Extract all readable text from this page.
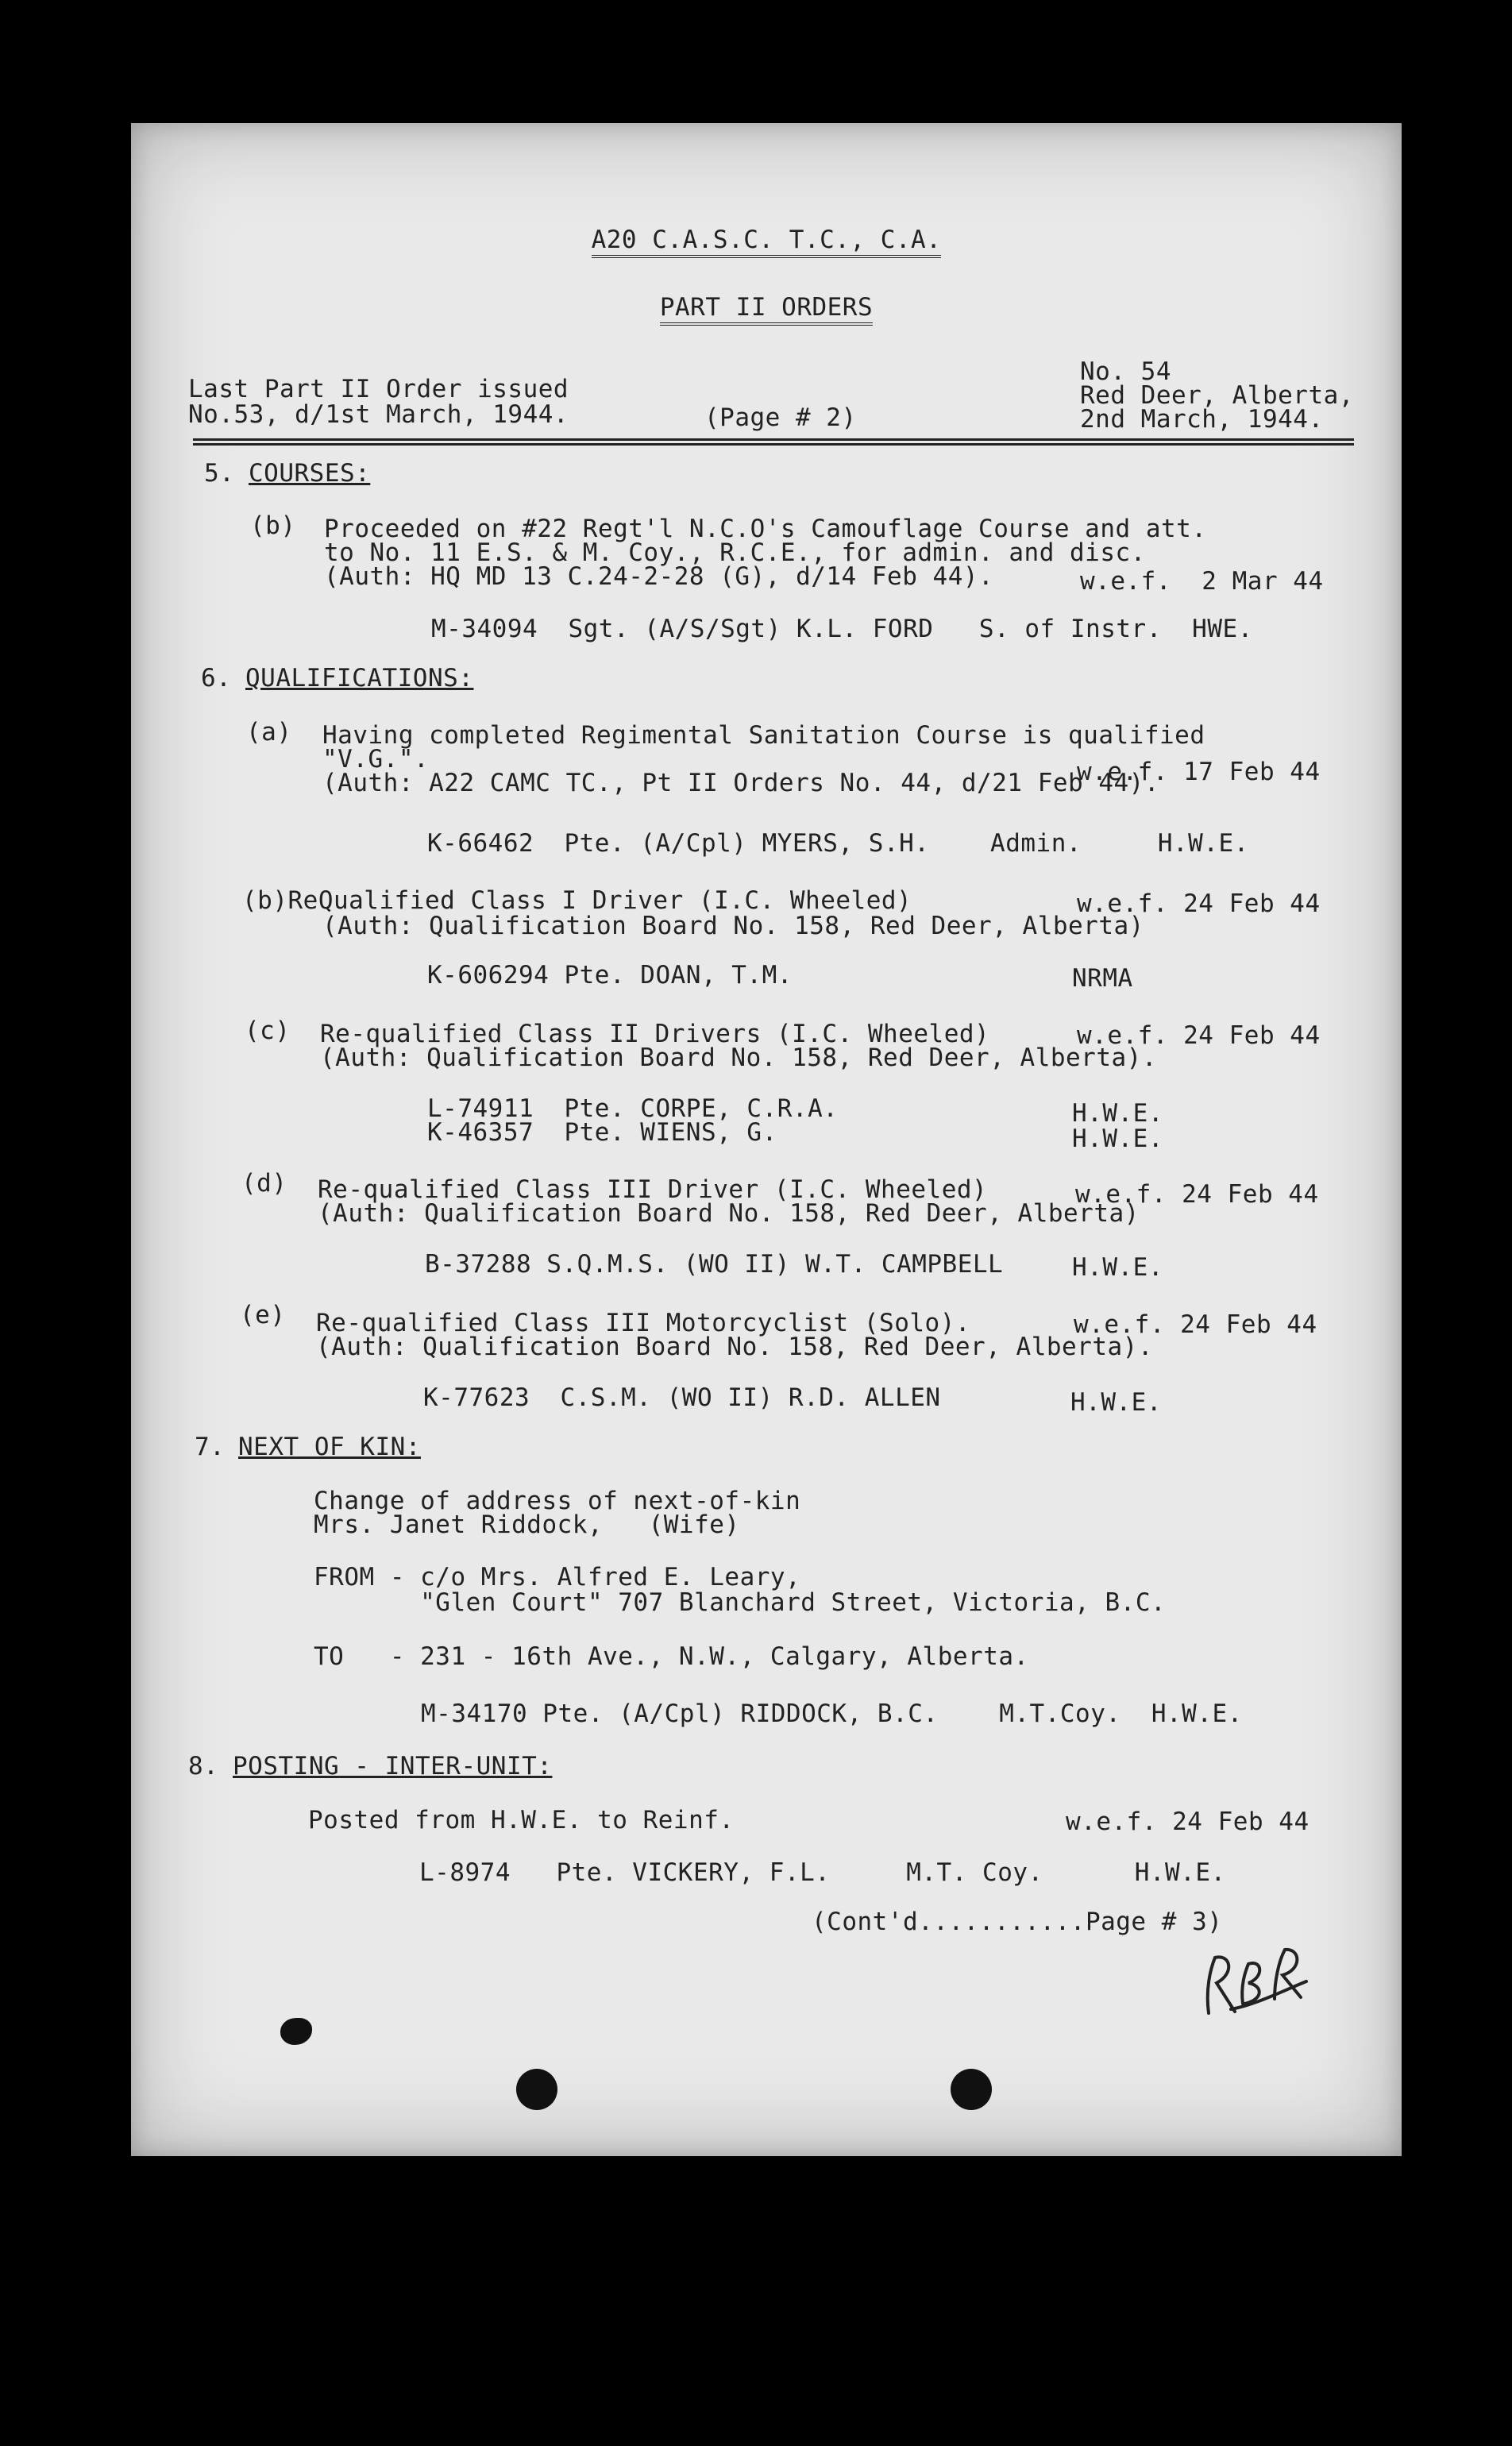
A20 C.A.S.C. T.C., C.A.
PART II ORDERS
Last Part II Order issued
No.53, d/1st March, 1944.	(Page # 2)
No. 54
Red Deer, Alberta,
2nd March, 1944.
5. COURSES:
(b) Proceeded on #22 Regt'l N.C.O's Camouflage Course and att.
to No. 11 E.S. & M. Coy., R.C.E., for admin. and disc.
(Auth: HQ MD 13 C.24-2-28 (G), d/14 Feb 44).	w.e.f.  2 Mar 44
M-34094  Sgt. (A/S/Sgt) K.L. FORD   S. of Instr.  HWE.
6. QUALIFICATIONS:
(a) Having completed Regimental Sanitation Course is qualified
"V.G.".	w.e.f. 17 Feb 44
(Auth: A22 CAMC TC., Pt II Orders No. 44, d/21 Feb 44).
K-66462  Pte. (A/Cpl) MYERS, S.H.    Admin.     H.W.E.
(b)ReQualified Class I Driver (I.C. Wheeled)	w.e.f. 24 Feb 44
(Auth: Qualification Board No. 158, Red Deer, Alberta)
K-606294 Pte. DOAN, T.M.	NRMA
(c) Re-qualified Class II Drivers (I.C. Wheeled)	w.e.f. 24 Feb 44
(Auth: Qualification Board No. 158, Red Deer, Alberta).
L-74911  Pte. CORPE, C.R.A.	H.W.E.
K-46357  Pte. WIENS, G.	H.W.E.
(d) Re-qualified Class III Driver (I.C. Wheeled)	w.e.f. 24 Feb 44
(Auth: Qualification Board No. 158, Red Deer, Alberta)
B-37288 S.Q.M.S. (WO II) W.T. CAMPBELL	H.W.E.
(e) Re-qualified Class III Motorcyclist (Solo).	w.e.f. 24 Feb 44
(Auth: Qualification Board No. 158, Red Deer, Alberta).
K-77623  C.S.M. (WO II) R.D. ALLEN	H.W.E.
7. NEXT OF KIN:
Change of address of next-of-kin
Mrs. Janet Riddock,   (Wife)
FROM - c/o Mrs. Alfred E. Leary,
"Glen Court" 707 Blanchard Street, Victoria, B.C.
TO   - 231 - 16th Ave., N.W., Calgary, Alberta.
M-34170 Pte. (A/Cpl) RIDDOCK, B.C.    M.T.Coy.  H.W.E.
8. POSTING - INTER-UNIT:
Posted from H.W.E. to Reinf.	w.e.f. 24 Feb 44
L-8974   Pte. VICKERY, F.L.     M.T. Coy.      H.W.E.
(Cont'd...........Page # 3)
